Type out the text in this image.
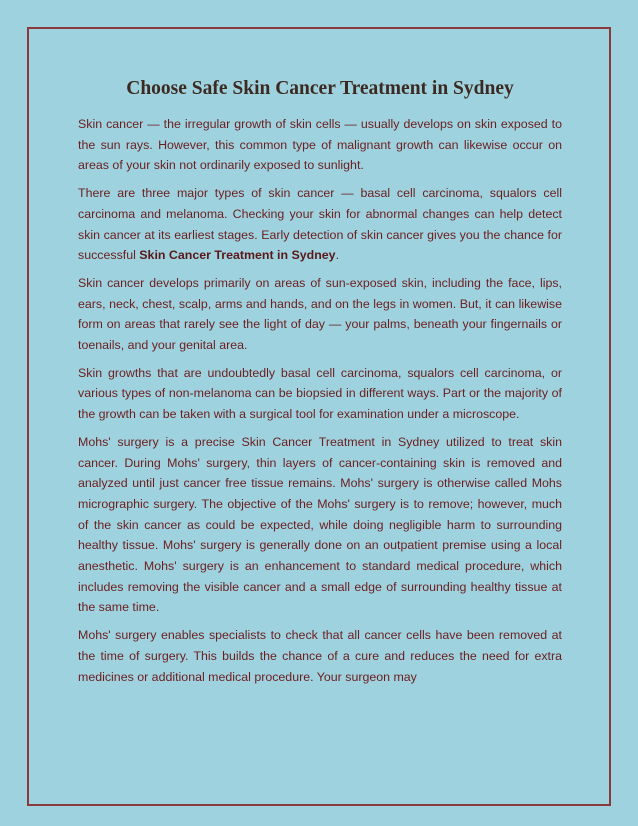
Choose Safe Skin Cancer Treatment in Sydney

Skin cancer — the irregular growth of skin cells — usually develops on skin exposed to the sun rays. However, this common type of malignant growth can likewise occur on areas of your skin not ordinarily exposed to sunlight.

There are three major types of skin cancer — basal cell carcinoma, squalors cell carcinoma and melanoma. Checking your skin for abnormal changes can help detect skin cancer at its earliest stages. Early detection of skin cancer gives you the chance for successful Skin Cancer Treatment in Sydney.

Skin cancer develops primarily on areas of sun-exposed skin, including the face, lips, ears, neck, chest, scalp, arms and hands, and on the legs in women. But, it can likewise form on areas that rarely see the light of day — your palms, beneath your fingernails or toenails, and your genital area.

Skin growths that are undoubtedly basal cell carcinoma, squalors cell carcinoma, or various types of non-melanoma can be biopsied in different ways. Part or the majority of the growth can be taken with a surgical tool for examination under a microscope.

Mohs' surgery is a precise Skin Cancer Treatment in Sydney utilized to treat skin cancer. During Mohs' surgery, thin layers of cancer-containing skin is removed and analyzed until just cancer free tissue remains. Mohs' surgery is otherwise called Mohs micrographic surgery. The objective of the Mohs' surgery is to remove; however, much of the skin cancer as could be expected, while doing negligible harm to surrounding healthy tissue. Mohs' surgery is generally done on an outpatient premise using a local anesthetic. Mohs' surgery is an enhancement to standard medical procedure, which includes removing the visible cancer and a small edge of surrounding healthy tissue at the same time.

Mohs' surgery enables specialists to check that all cancer cells have been removed at the time of surgery. This builds the chance of a cure and reduces the need for extra medicines or additional medical procedure. Your surgeon may
